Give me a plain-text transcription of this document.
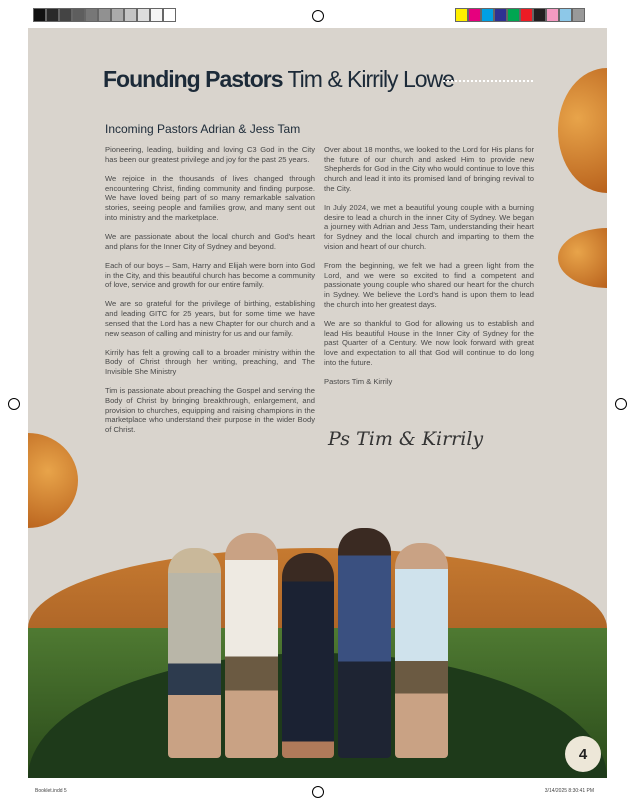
Founding Pastors Tim & Kirrily Lowe
Incoming Pastors Adrian & Jess Tam

Pioneering, leading, building and loving C3 God in the City has been our greatest privilege and joy for the past 25 years.

We rejoice in the thousands of lives changed through encountering Christ, finding community and finding purpose. We have loved being part of so many remarkable salvation stories, seeing people and families grow, and many sent out into ministry and the marketplace.

We are passionate about the local church and God's heart and plans for the Inner City of Sydney and beyond.

Each of our boys – Sam, Harry and Elijah were born into God in the City, and this beautiful church has become a community of love, service and growth for our entire family.

We are so grateful for the privilege of birthing, establishing and leading GITC for 25 years, but for some time we have sensed that the Lord has a new Chapter for our church and a new season of calling and ministry for us and our family.

Kirrily has felt a growing call to a broader ministry within the Body of Christ through her writing, preaching, and The Invisible She Ministry

Tim is passionate about preaching the Gospel and serving the Body of Christ by bringing breakthrough, enlargement, and provision to churches, equipping and raising champions in the marketplace who understand their purpose in the wider Body of Christ.

Over about 18 months, we looked to the Lord for His plans for the future of our church and asked Him to provide new Shepherds for God in the City who would continue to love this church and lead it into its promised land of bringing revival to the City.

In July 2024, we met a beautiful young couple with a burning desire to lead a church in the inner City of Sydney. We began a journey with Adrian and Jess Tam, understanding their heart for Sydney and the local church and imparting to them the vision and heart of our church.

From the beginning, we felt we had a green light from the Lord, and we were so excited to find a competent and passionate young couple who shared our heart for the church in Sydney. We believe the Lord's hand is upon them to lead the church into her greatest days.

We are so thankful to God for allowing us to establish and lead His beautiful House in the Inner City of Sydney for the past Quarter of a Century. We now look forward with great love and expectation to all that God will continue to do long into the future.

Pastors Tim & Kirrily

Ps Tim & Kirrily
4
Booklet.indd 5	3/14/2025 8:30:41 PM
